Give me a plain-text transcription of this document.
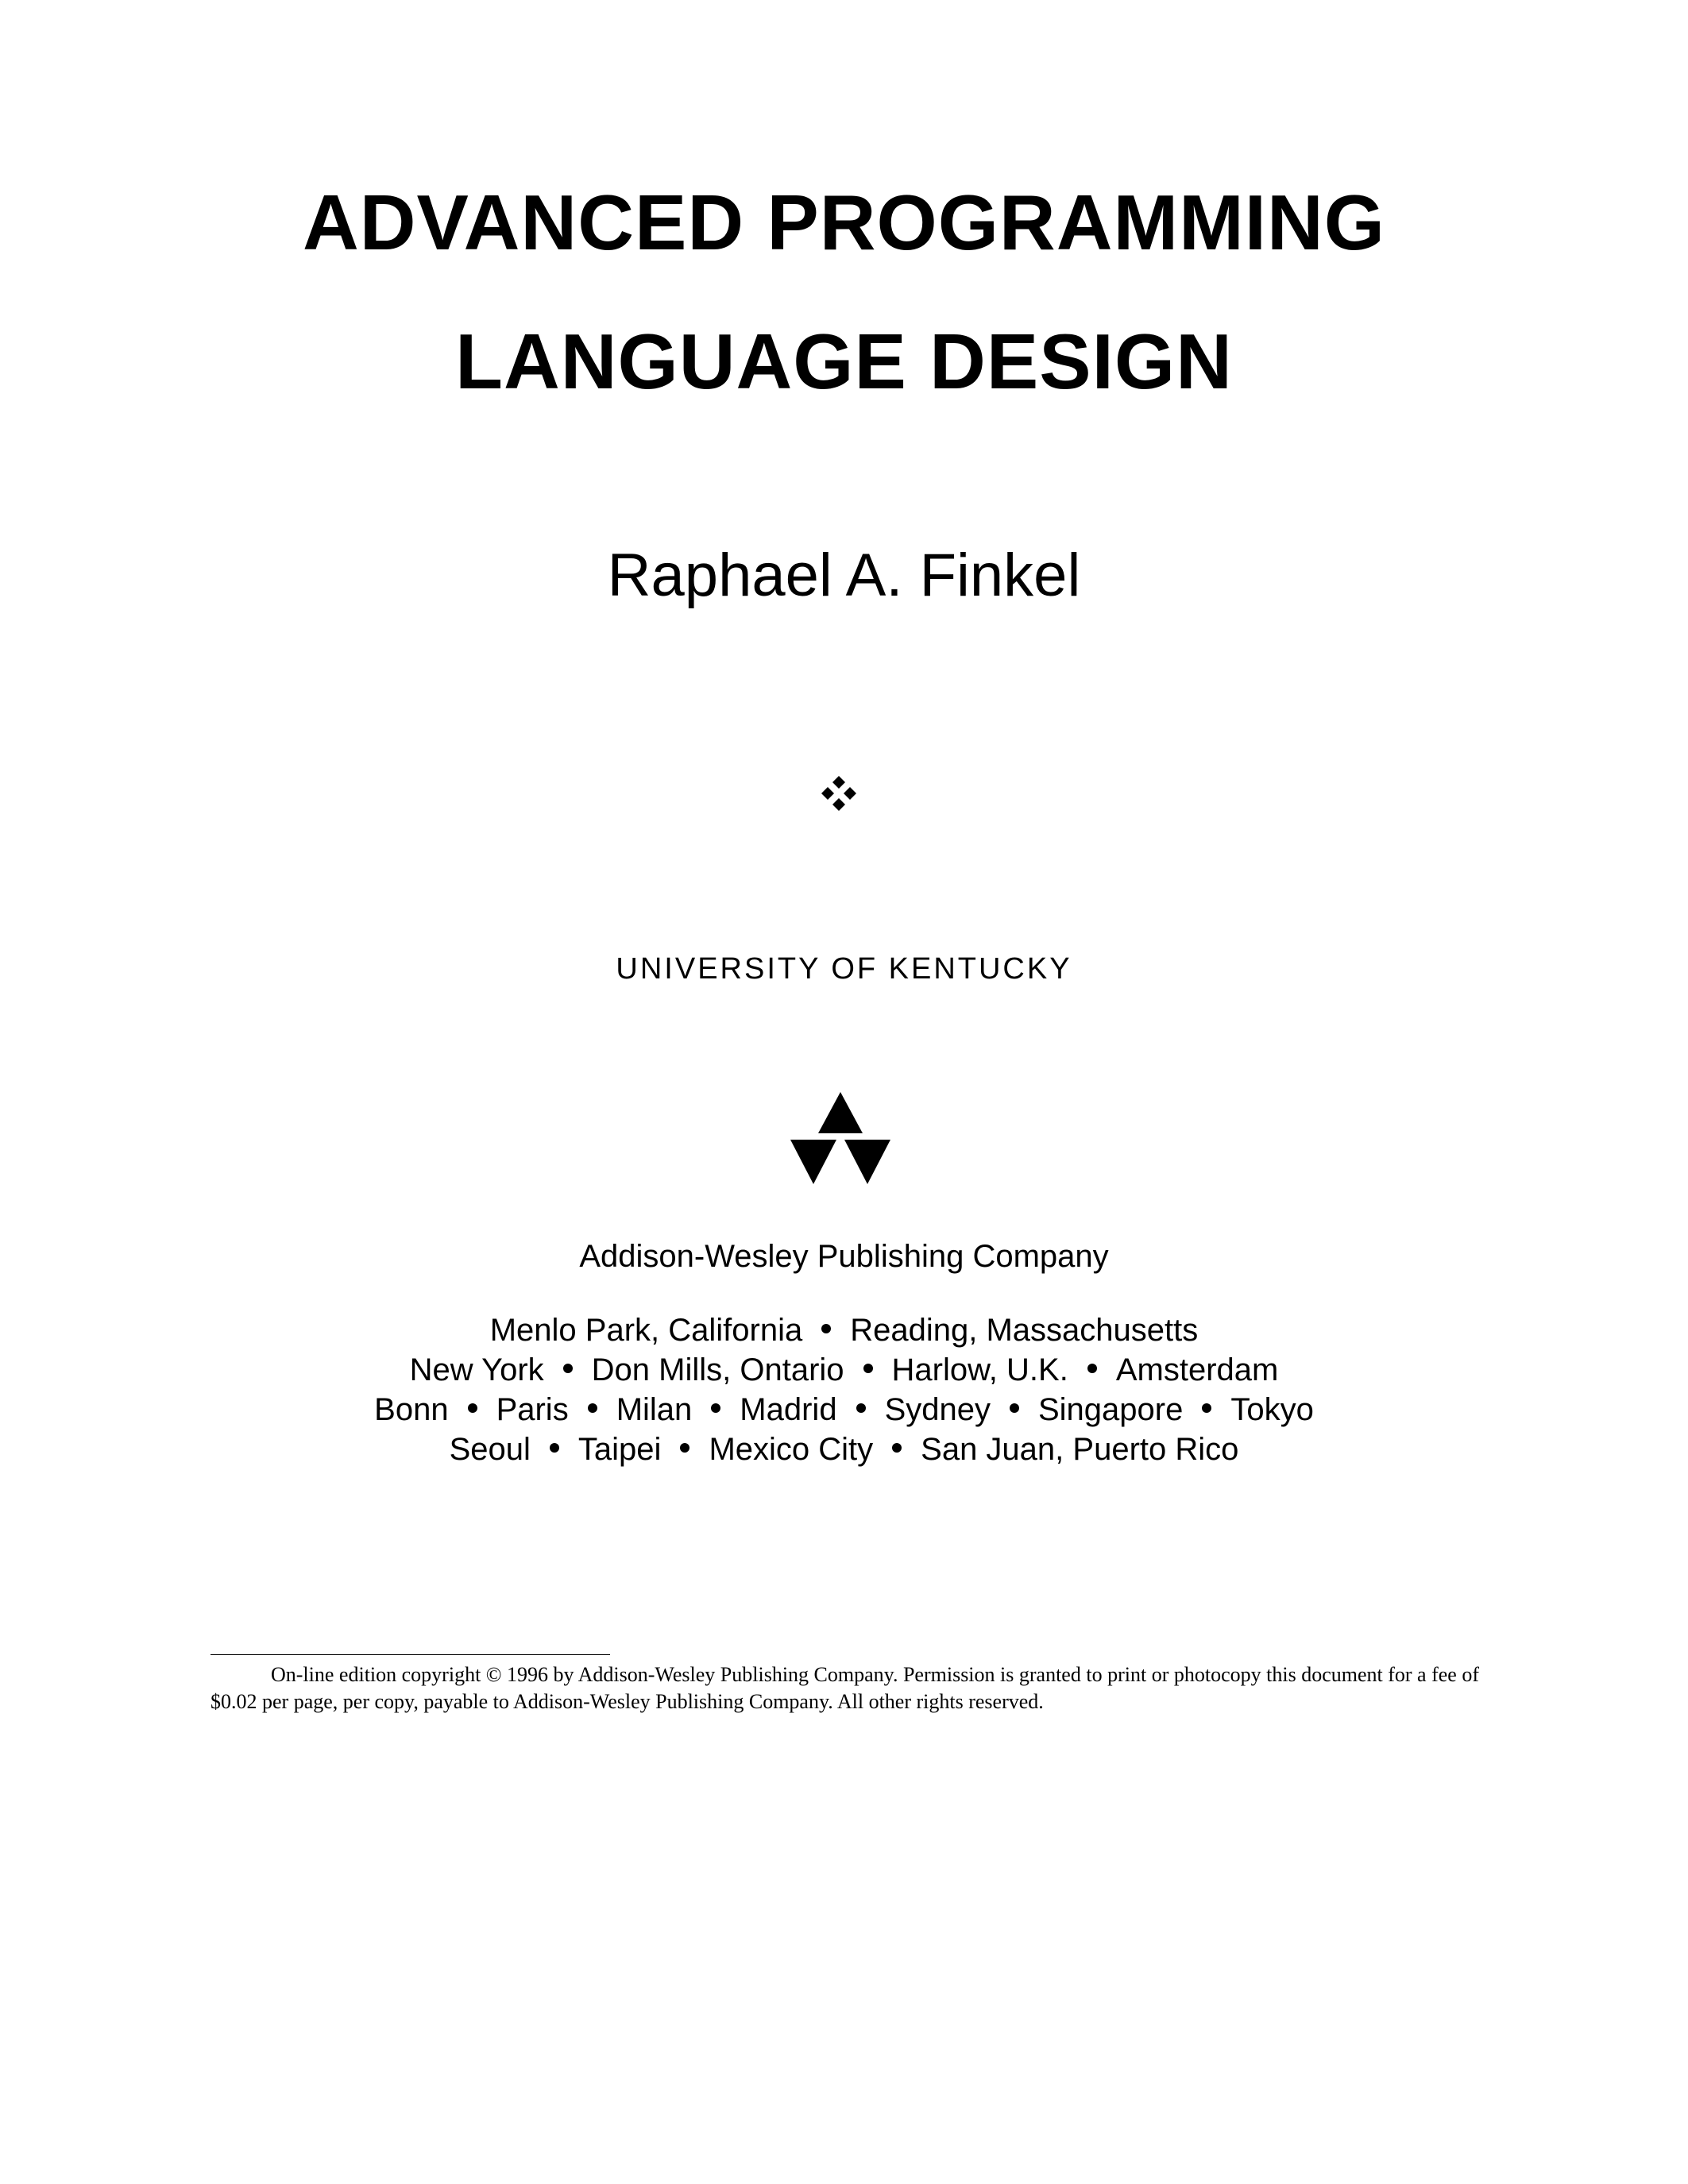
ADVANCED PROGRAMMING
LANGUAGE DESIGN
Raphael A. Finkel
UNIVERSITY OF KENTUCKY
Addison-Wesley Publishing Company
Menlo Park, California Reading, Massachusetts
New York Don Mills, Ontario Harlow, U.K. Amsterdam
Bonn Paris Milan Madrid Sydney Singapore Tokyo
Seoul Taipei Mexico City San Juan, Puerto Rico
On-line edition copyright © 1996 by Addison-Wesley Publishing Company. Permission is granted to print or photocopy this document for a fee of $0.02 per page, per copy, payable to Addison-Wesley Publishing Company. All other rights reserved.
